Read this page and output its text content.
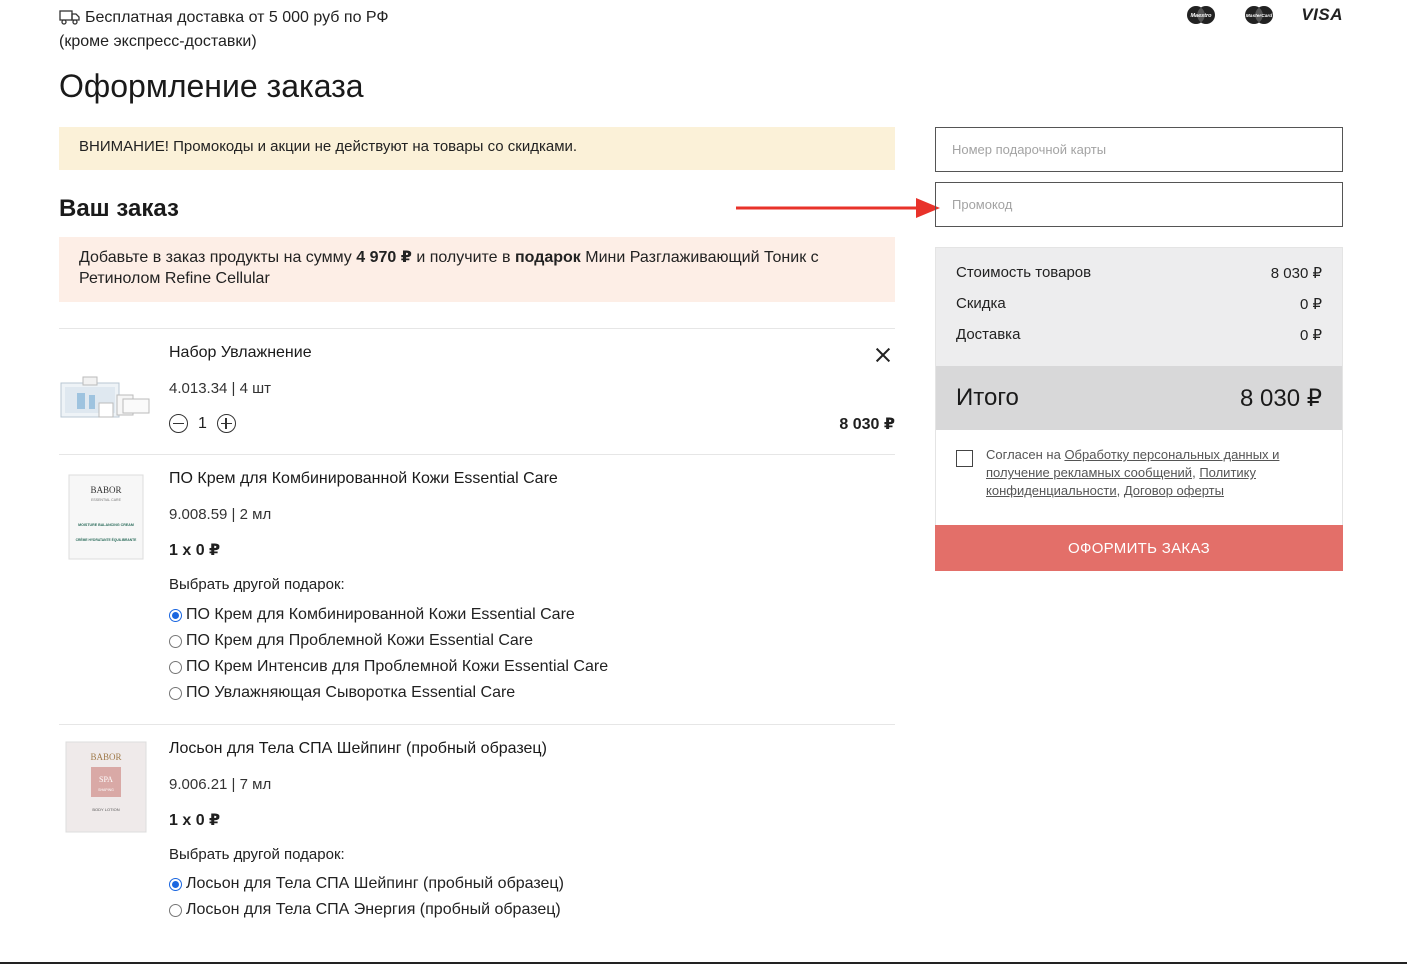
Бесплатная доставка от 5 000 руб по РФ
(кроме экспресс-доставки)
Maestro	MasterCard VISA
Оформление заказа
ВНИМАНИЕ! Промокоды и акции не действуют на товары со скидками.
Ваш заказ
Добавьте в заказ продукты на сумму 4 970 ₽ и получите в подарок Мини Разглаживающий Тоник с Ретинолом Refine Cellular
Набор Увлажнение
4.013.34 | 4 шт
1	8 030 ₽
BABOR
ESSENTIAL CARE
MOISTURE BALANCING CREAM
CRÈME HYDRATANTE ÉQUILIBRANTE
ПО Крем для Комбинированной Кожи Essential Care
9.008.59 | 2 мл
1 x 0 ₽
Выбрать другой подарок:
ПО Крем для Комбинированной Кожи Essential Care
ПО Крем для Проблемной Кожи Essential Care
ПО Крем Интенсив для Проблемной Кожи Essential Care
ПО Увлажняющая Сыворотка Essential Care
BABOR
SPA
SHAPING
BODY LOTION
Лосьон для Тела СПА Шейпинг (пробный образец)
9.006.21 | 7 мл
1 x 0 ₽
Выбрать другой подарок:
Лосьон для Тела СПА Шейпинг (пробный образец)
Лосьон для Тела СПА Энергия (пробный образец)
Номер подарочной карты
Промокод
Стоимость товаров	8 030 ₽
Скидка	0 ₽
Доставка	0 ₽
Итого	8 030 ₽
Согласен на Обработку персональных данных и получение рекламных сообщений, Политику конфиденциальности, Договор оферты
ОФОРМИТЬ ЗАКАЗ
